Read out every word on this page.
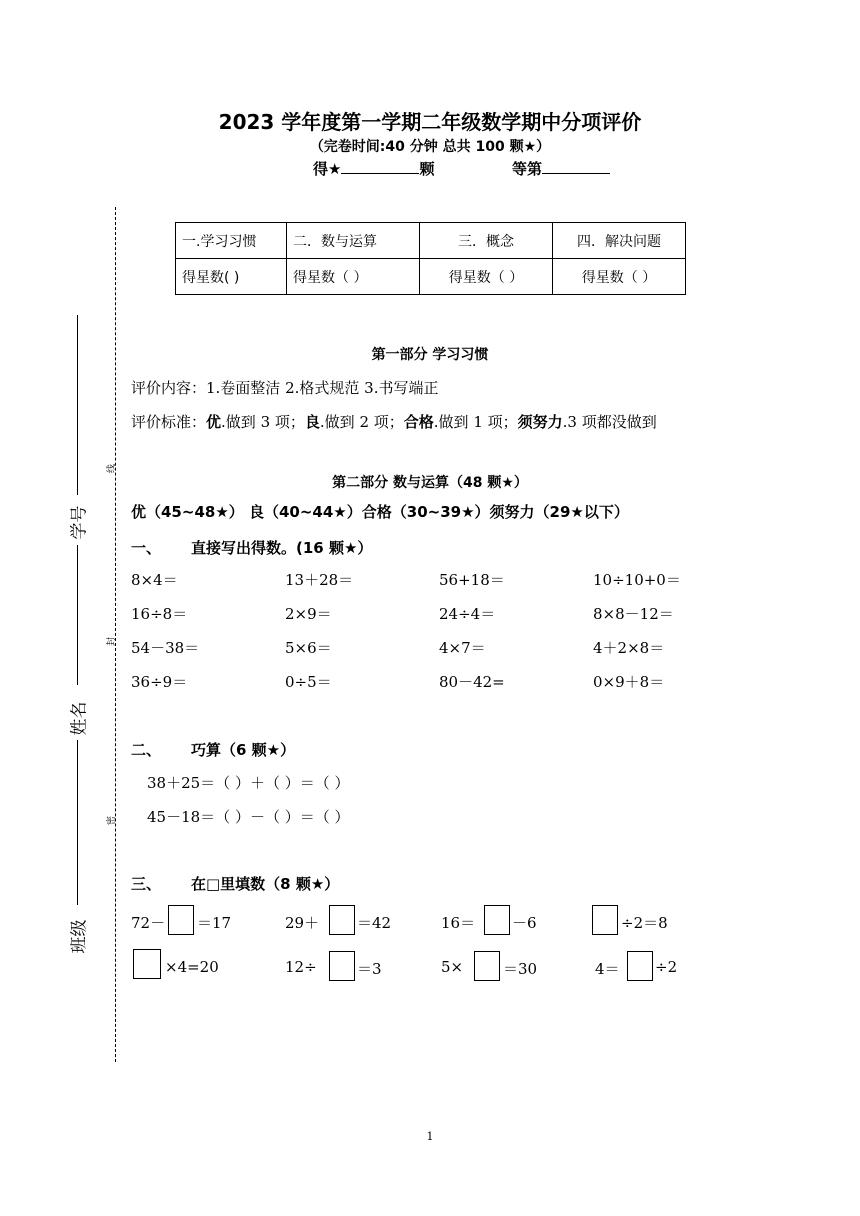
2023 学年度第一学期二年级数学期中分项评价
（完卷时间:40 分钟 总共 100 颗★）
得★	颗	等第
一.学习习惯	二．数与运算	三．概念	四．解决问题
得星数( )	得星数（ ）	得星数（ ）	得星数（ ）
学号
姓名
班级
线
封
密
第一部分 学习习惯
评价内容：1.卷面整洁 2.格式规范 3.书写端正
评价标准：优.做到 3 项；良.做到 2 项；合格.做到 1 项；须努力.3 项都没做到
第二部分 数与运算（48 颗★）
优（45~48★） 良（40~44★）合格（30~39★）须努力（29★以下）
一、 直接写出得数。(16 颗★）
8×4＝	13＋28＝	56+18＝	10÷10+0＝
16÷8＝	2×9＝	24÷4＝	8×8－12＝
54－38＝	5×6＝	4×7＝	4＋2×8＝
36÷9＝	0÷5＝	80－42=	0×9＋8＝
二、 巧算（6 颗★）
38＋25＝（ ）＋（ ）＝（ ）
45－18＝（ ）－（ ）＝（ ）
三、 在□里填数（8 颗★）
72－ ＝17	29＋	＝42	16＝ －6	÷2＝8
×4=20	12÷	＝3	5×	＝30	4＝ ÷2
1
